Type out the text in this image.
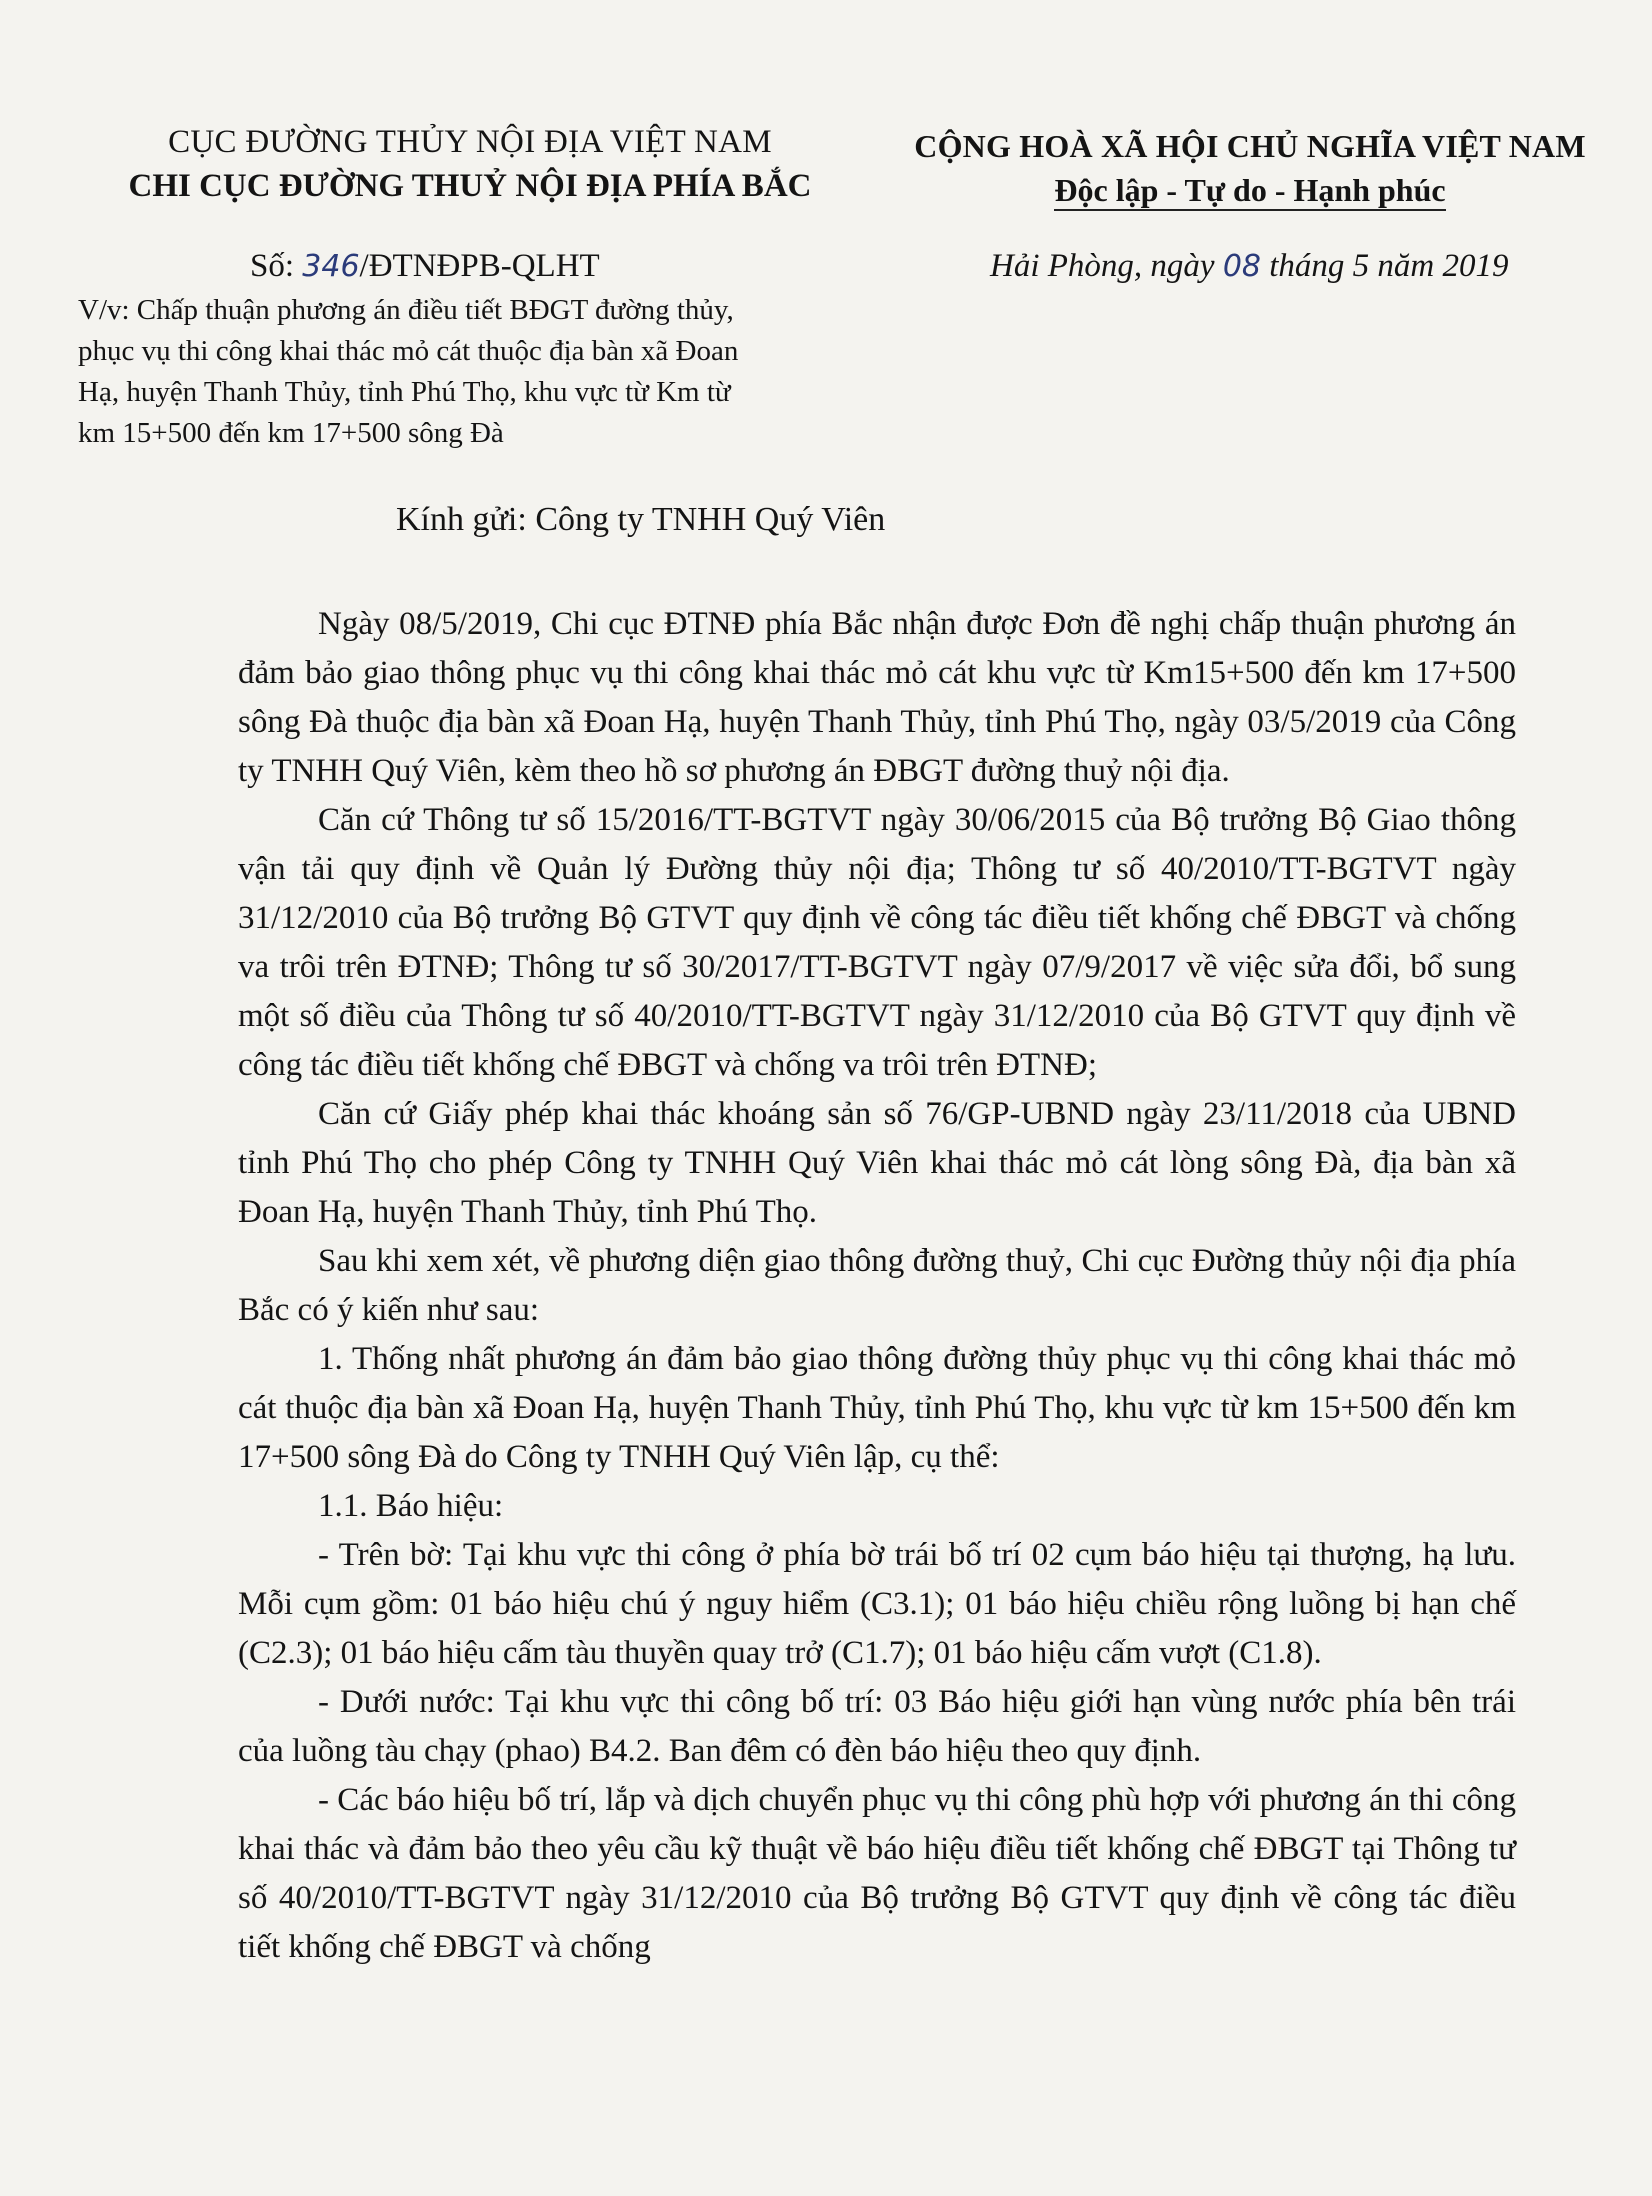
CỤC ĐƯỜNG THỦY NỘI ĐỊA VIỆT NAM
CHI CỤC ĐƯỜNG THUỶ NỘI ĐỊA PHÍA BẮC
CỘNG HOÀ XÃ HỘI CHỦ NGHĨA VIỆT NAM
Độc lập - Tự do - Hạnh phúc
Số: 346/ĐTNĐPB-QLHT	Hải Phòng, ngày 08 tháng 5 năm 2019

V/v: Chấp thuận phương án điều tiết BĐGT đường thủy,

phục vụ thi công khai thác mỏ cát thuộc địa bàn xã Đoan

Hạ, huyện Thanh Thủy, tỉnh Phú Thọ, khu vực từ Km từ

km 15+500 đến km 17+500 sông Đà

Kính gửi: Công ty TNHH Quý Viên

Ngày 08/5/2019, Chi cục ĐTNĐ phía Bắc nhận được Đơn đề nghị chấp thuận phương án đảm bảo giao thông phục vụ thi công khai thác mỏ cát khu vực từ Km15+500 đến km 17+500 sông Đà thuộc địa bàn xã Đoan Hạ, huyện Thanh Thủy, tỉnh Phú Thọ, ngày 03/5/2019 của Công ty TNHH Quý Viên, kèm theo hồ sơ phương án ĐBGT đường thuỷ nội địa.

Căn cứ Thông tư số 15/2016/TT-BGTVT ngày 30/06/2015 của Bộ trưởng Bộ Giao thông vận tải quy định về Quản lý Đường thủy nội địa; Thông tư số 40/2010/TT-BGTVT ngày 31/12/2010 của Bộ trưởng Bộ GTVT quy định về công tác điều tiết khống chế ĐBGT và chống va trôi trên ĐTNĐ; Thông tư số 30/2017/TT-BGTVT ngày 07/9/2017 về việc sửa đổi, bổ sung một số điều của Thông tư số 40/2010/TT-BGTVT ngày 31/12/2010 của Bộ GTVT quy định về công tác điều tiết khống chế ĐBGT và chống va trôi trên ĐTNĐ;

Căn cứ Giấy phép khai thác khoáng sản số 76/GP-UBND ngày 23/11/2018 của UBND tỉnh Phú Thọ cho phép Công ty TNHH Quý Viên khai thác mỏ cát lòng sông Đà, địa bàn xã Đoan Hạ, huyện Thanh Thủy, tỉnh Phú Thọ.

Sau khi xem xét, về phương diện giao thông đường thuỷ, Chi cục Đường thủy nội địa phía Bắc có ý kiến như sau:

1. Thống nhất phương án đảm bảo giao thông đường thủy phục vụ thi công khai thác mỏ cát thuộc địa bàn xã Đoan Hạ, huyện Thanh Thủy, tỉnh Phú Thọ, khu vực từ km 15+500 đến km 17+500 sông Đà do Công ty TNHH Quý Viên lập, cụ thể:

1.1. Báo hiệu:

- Trên bờ: Tại khu vực thi công ở phía bờ trái bố trí 02 cụm báo hiệu tại thượng, hạ lưu. Mỗi cụm gồm: 01 báo hiệu chú ý nguy hiểm (C3.1); 01 báo hiệu chiều rộng luồng bị hạn chế (C2.3); 01 báo hiệu cấm tàu thuyền quay trở (C1.7); 01 báo hiệu cấm vượt (C1.8).

- Dưới nước: Tại khu vực thi công bố trí: 03 Báo hiệu giới hạn vùng nước phía bên trái của luồng tàu chạy (phao) B4.2. Ban đêm có đèn báo hiệu theo quy định.

- Các báo hiệu bố trí, lắp và dịch chuyển phục vụ thi công phù hợp với phương án thi công khai thác và đảm bảo theo yêu cầu kỹ thuật về báo hiệu điều tiết khống chế ĐBGT tại Thông tư số 40/2010/TT-BGTVT ngày 31/12/2010 của Bộ trưởng Bộ GTVT quy định về công tác điều tiết khống chế ĐBGT và chống
